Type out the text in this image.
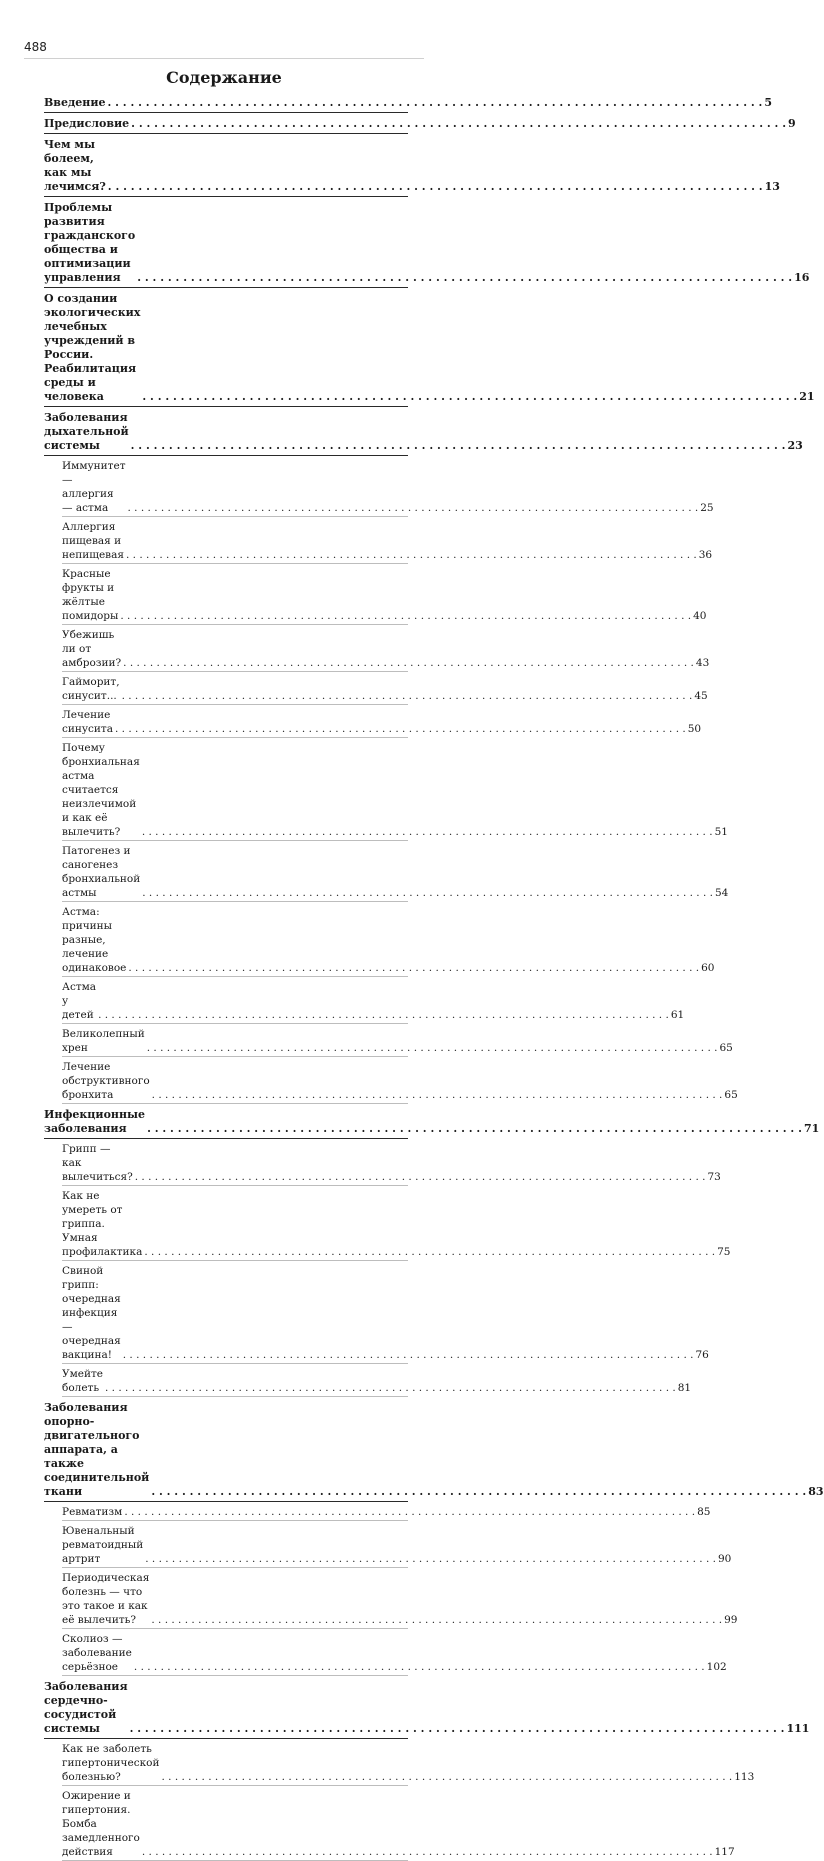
488
Содержание
Введение . . .	5
Предисловие . . .	9
Чем мы болеем, как мы лечимся? . . .	13
Проблемы развития гражданского общества и оптимизации управления . . .	16
О создании экологических лечебных учреждений в России. Реабилитация среды и человека . . .	21
Заболевания дыхательной системы . . .	23
Иммунитет — аллергия — астма . . .	25
Аллергия пищевая и непищевая . . .	36
Красные фрукты и жёлтые помидоры . . .	40
Убежишь ли от амброзии? . . .	43
Гайморит, синусит... . . .	45
Лечение синусита . . .	50
Почему бронхиальная астма считается неизлечимой и как её вылечить? . . .	51
Патогенез и саногенез бронхиальной астмы . . .	54
Астма: причины разные, лечение одинаковое . . .	60
Астма у детей . . .	61
Великолепный хрен . . .	65
Лечение обструктивного бронхита . . .	65
Инфекционные заболевания . . .	71
Грипп — как вылечиться? . . .	73
Как не умереть от гриппа. Умная профилактика . . .	75
Свиной грипп: очередная инфекция — очередная вакцина! . . .	76
Умейте болеть . . .	81
Заболевания опорно-двигательного аппарата, а также соединительной ткани . . .	83
Ревматизм . . .	85
Ювенальный ревматоидный артрит . . .	90
Периодическая болезнь — что это такое и как её вылечить? . . .	99
Сколиоз — заболевание серьёзное . . .	102
Заболевания сердечно-сосудистой системы . . .	111
Как не заболеть гипертонической болезнью? . . .	113
Ожирение и гипертония. Бомба замедленного действия . . .	117
